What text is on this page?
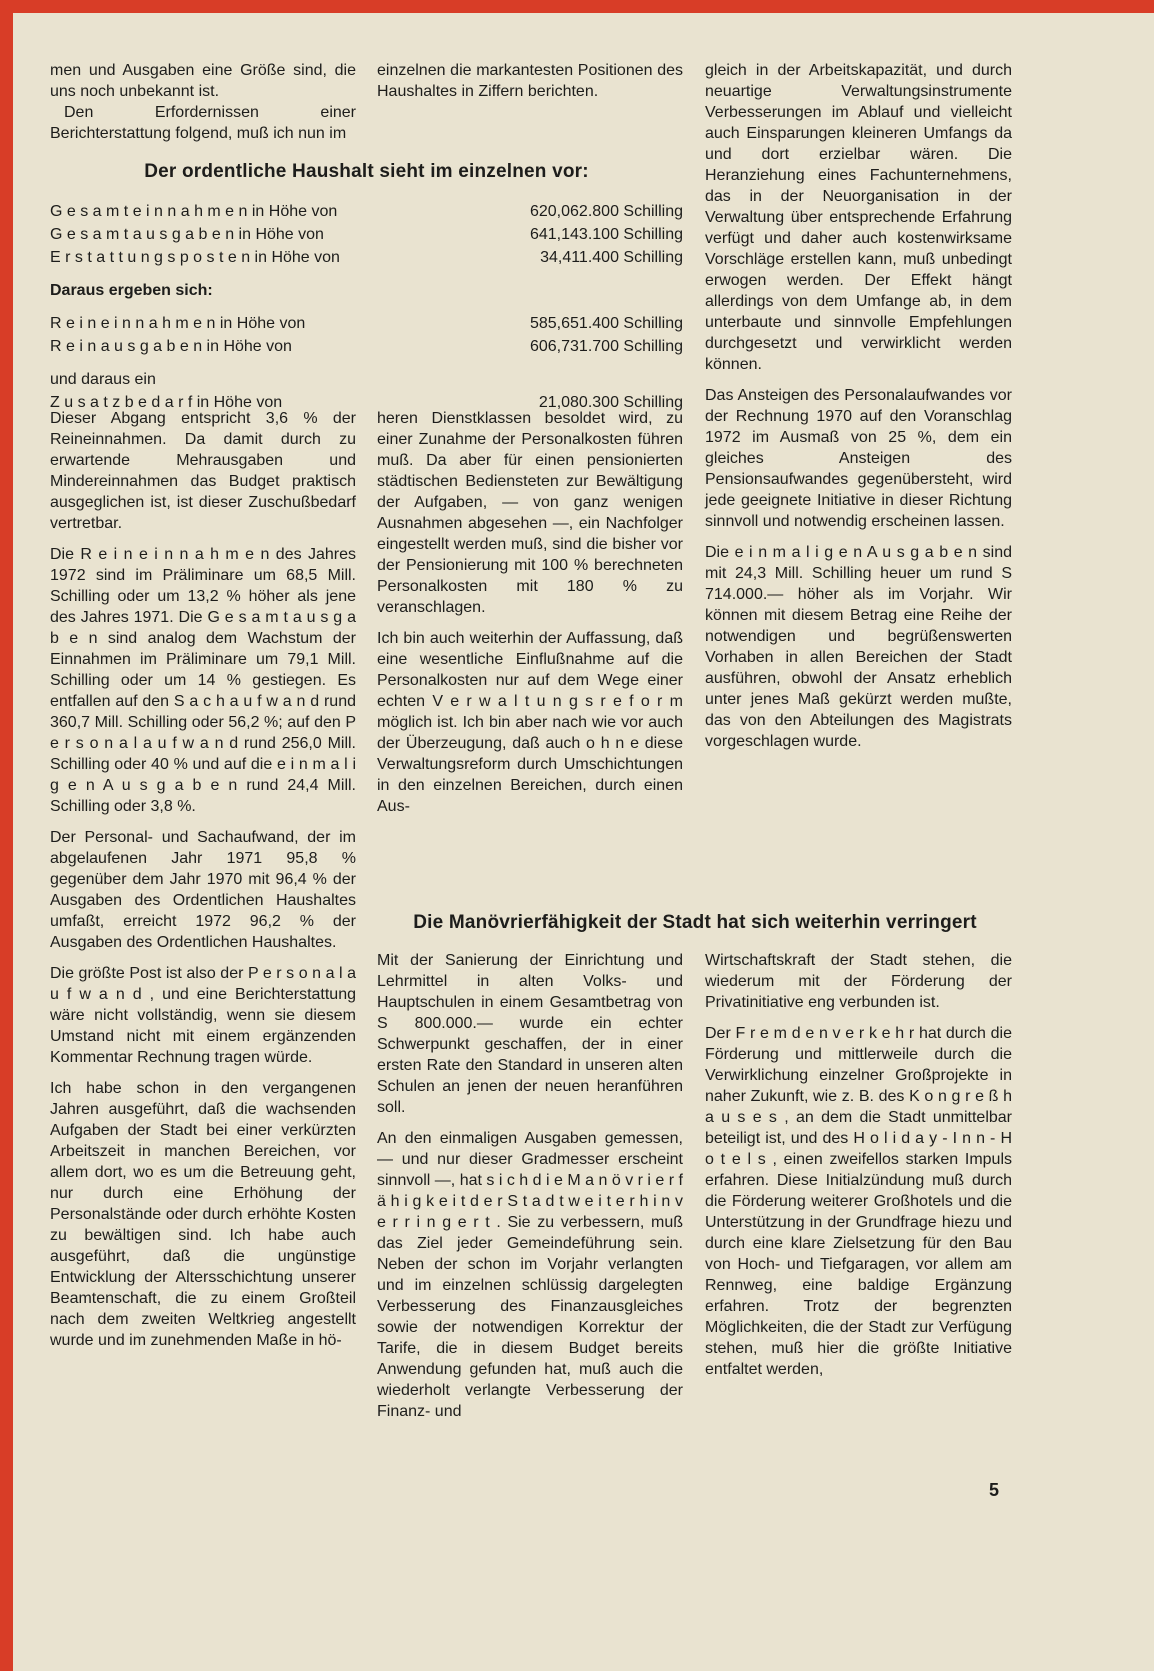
men und Ausgaben eine Größe sind, die uns noch unbekannt ist.

Den Erfordernissen einer Berichterstattung folgend, muß ich nun im

einzelnen die markantesten Positionen des Haushaltes in Ziffern berichten.

Der ordentliche Haushalt sieht im einzelnen vor:
G e s a m t e i n n a h m e n in Höhe von	620,062.800 Schilling
G e s a m t a u s g a b e n in Höhe von	641,143.100 Schilling
E r s t a t t u n g s p o s t e n in Höhe von	34,411.400 Schilling
Daraus ergeben sich:
R e i n e i n n a h m e n in Höhe von	585,651.400 Schilling
R e i n a u s g a b e n in Höhe von	606,731.700 Schilling
und daraus ein
Z u s a t z b e d a r f in Höhe von	21,080.300 Schilling

Dieser Abgang entspricht 3,6 % der Reineinnahmen. Da damit durch zu erwartende Mehrausgaben und Mindereinnahmen das Budget praktisch ausgeglichen ist, ist dieser Zuschußbedarf vertretbar.

Die R e i n e i n n a h m e n des Jahres 1972 sind im Präliminare um 68,5 Mill. Schilling oder um 13,2 % höher als jene des Jahres 1971. Die G e s a m t a u s g a b e n sind analog dem Wachstum der Einnahmen im Präliminare um 79,1 Mill. Schilling oder um 14 % gestiegen. Es entfallen auf den S a c h a u f w a n d rund 360,7 Mill. Schilling oder 56,2 %; auf den P e r s o n a l a u f w a n d rund 256,0 Mill. Schilling oder 40 % und auf die e i n m a l i g e n A u s g a b e n rund 24,4 Mill. Schilling oder 3,8 %.

Der Personal- und Sachaufwand, der im abgelaufenen Jahr 1971 95,8 % gegenüber dem Jahr 1970 mit 96,4 % der Ausgaben des Ordentlichen Haushaltes umfaßt, erreicht 1972 96,2 % der Ausgaben des Ordentlichen Haushaltes.

Die größte Post ist also der P e r s o n a l a u f w a n d , und eine Berichterstattung wäre nicht vollständig, wenn sie diesem Umstand nicht mit einem ergänzenden Kommentar Rechnung tragen würde.

Ich habe schon in den vergangenen Jahren ausgeführt, daß die wachsenden Aufgaben der Stadt bei einer verkürzten Arbeitszeit in manchen Bereichen, vor allem dort, wo es um die Betreuung geht, nur durch eine Erhöhung der Personalstände oder durch erhöhte Kosten zu bewältigen sind. Ich habe auch ausgeführt, daß die ungünstige Entwicklung der Altersschichtung unserer Beamtenschaft, die zu einem Großteil nach dem zweiten Weltkrieg angestellt wurde und im zunehmenden Maße in hö-

heren Dienstklassen besoldet wird, zu einer Zunahme der Personalkosten führen muß. Da aber für einen pensionierten städtischen Bediensteten zur Bewältigung der Aufgaben, — von ganz wenigen Ausnahmen abgesehen —, ein Nachfolger eingestellt werden muß, sind die bisher vor der Pensionierung mit 100 % berechneten Personalkosten mit 180 % zu veranschlagen.

Ich bin auch weiterhin der Auffassung, daß eine wesentliche Einflußnahme auf die Personalkosten nur auf dem Wege einer echten V e r w a l t u n g s r e f o r m möglich ist. Ich bin aber nach wie vor auch der Überzeugung, daß auch o h n e diese Verwaltungsreform durch Umschichtungen in den einzelnen Bereichen, durch einen Aus-

gleich in der Arbeitskapazität, und durch neuartige Verwaltungsinstrumente Verbesserungen im Ablauf und vielleicht auch Einsparungen kleineren Umfangs da und dort erzielbar wären. Die Heranziehung eines Fachunternehmens, das in der Neuorganisation in der Verwaltung über entsprechende Erfahrung verfügt und daher auch kostenwirksame Vorschläge erstellen kann, muß unbedingt erwogen werden. Der Effekt hängt allerdings von dem Umfange ab, in dem unterbaute und sinnvolle Empfehlungen durchgesetzt und verwirklicht werden können.

Das Ansteigen des Personalaufwandes vor der Rechnung 1970 auf den Voranschlag 1972 im Ausmaß von 25 %, dem ein gleiches Ansteigen des Pensionsaufwandes gegenübersteht, wird jede geeignete Initiative in dieser Richtung sinnvoll und notwendig erscheinen lassen.

Die e i n m a l i g e n A u s g a b e n sind mit 24,3 Mill. Schilling heuer um rund S 714.000.— höher als im Vorjahr. Wir können mit diesem Betrag eine Reihe der notwendigen und begrüßenswerten Vorhaben in allen Bereichen der Stadt ausführen, obwohl der Ansatz erheblich unter jenes Maß gekürzt werden mußte, das von den Abteilungen des Magistrats vorgeschlagen wurde.

Die Manövrierfähigkeit der Stadt hat sich weiterhin verringert

Mit der Sanierung der Einrichtung und Lehrmittel in alten Volks- und Hauptschulen in einem Gesamtbetrag von S 800.000.— wurde ein echter Schwerpunkt geschaffen, der in einer ersten Rate den Standard in unseren alten Schulen an jenen der neuen heranführen soll.

An den einmaligen Ausgaben gemessen, — und nur dieser Gradmesser erscheint sinnvoll —, hat s i c h d i e M a n ö v r i e r f ä h i g k e i t d e r S t a d t w e i t e r h i n v e r r i n g e r t . Sie zu verbessern, muß das Ziel jeder Gemeindeführung sein. Neben der schon im Vorjahr verlangten und im einzelnen schlüssig dargelegten Verbesserung des Finanzausgleiches sowie der notwendigen Korrektur der Tarife, die in diesem Budget bereits Anwendung gefunden hat, muß auch die wiederholt verlangte Verbesserung der Finanz- und

Wirtschaftskraft der Stadt stehen, die wiederum mit der Förderung der Privatinitiative eng verbunden ist.

Der F r e m d e n v e r k e h r hat durch die Förderung und mittlerweile durch die Verwirklichung einzelner Großprojekte in naher Zukunft, wie z. B. des K o n g r e ß h a u s e s , an dem die Stadt unmittelbar beteiligt ist, und des H o l i d a y - I n n - H o t e l s , einen zweifellos starken Impuls erfahren. Diese Initialzündung muß durch die Förderung weiterer Großhotels und die Unterstützung in der Grundfrage hiezu und durch eine klare Zielsetzung für den Bau von Hoch- und Tiefgaragen, vor allem am Rennweg, eine baldige Ergänzung erfahren. Trotz der begrenzten Möglichkeiten, die der Stadt zur Verfügung stehen, muß hier die größte Initiative entfaltet werden,

5
